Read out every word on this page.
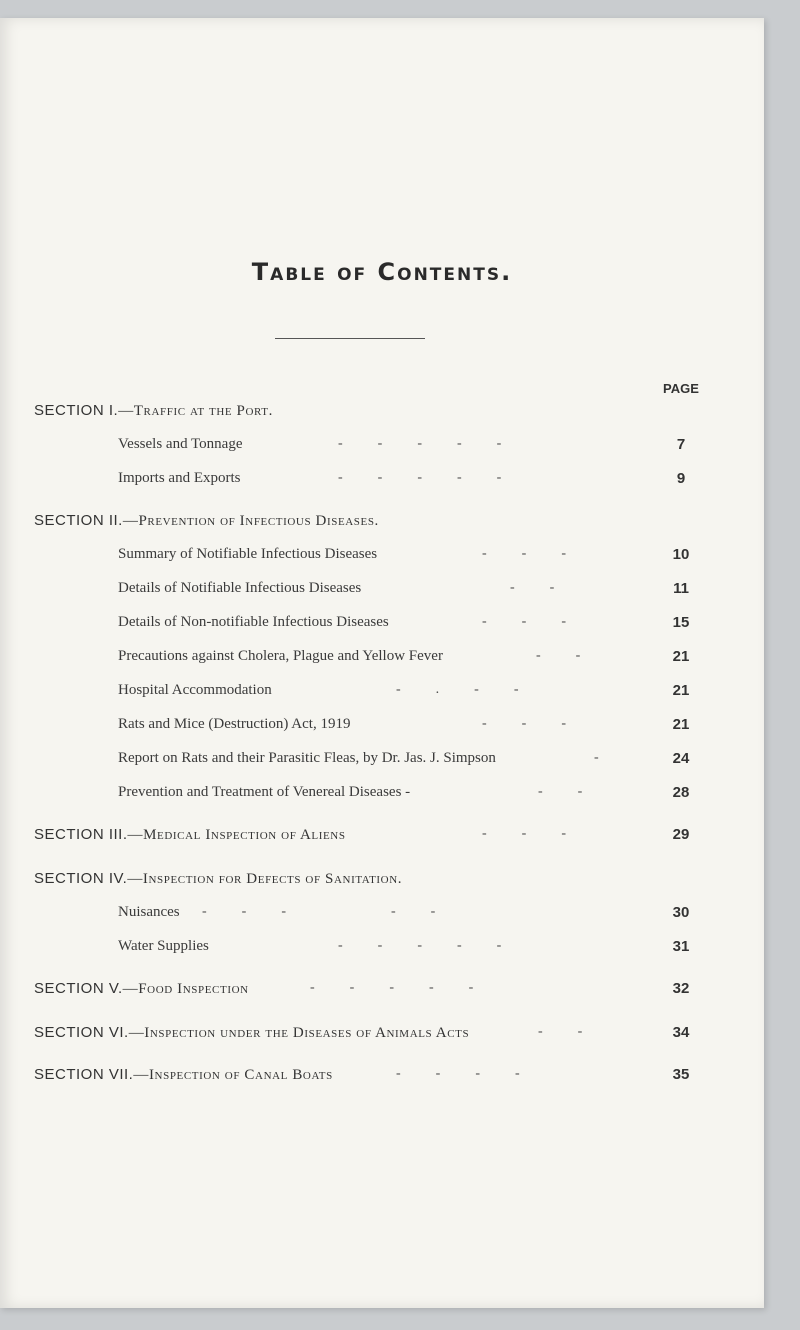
Table of Contents.
PAGE
SECTION I.—Traffic at the Port.
Vessels and Tonnage	-          -          -          -          -	7
Imports and Exports	-          -          -          -          -	9
SECTION II.—Prevention of Infectious Diseases.
Summary of Notifiable Infectious Diseases	-          -          -	10
Details of Notifiable Infectious Diseases	-          -	11
Details of Non-notifiable Infectious Diseases	-          -          -	15
Precautions against Cholera, Plague and Yellow Fever	-          -	21
Hospital Accommodation	-          .          -          -	21
Rats and Mice (Destruction) Act, 1919	-          -          -	21
Report on Rats and their Parasitic Fleas, by Dr. Jas. J. Simpson	-	24
Prevention and Treatment of Venereal Diseases -	-          -	28
SECTION III.—Medical Inspection of Aliens	-          -          -	29
SECTION IV.—Inspection for Defects of Sanitation.
Nuisances -          -          -                              -          -	30
Water Supplies	-          -          -          -          -	31
SECTION V.—Food Inspection	-          -          -          -          -	32
SECTION VI.—Inspection under the Diseases of Animals Acts	-          -	34
SECTION VII.—Inspection of Canal Boats	-          -          -          -	35
